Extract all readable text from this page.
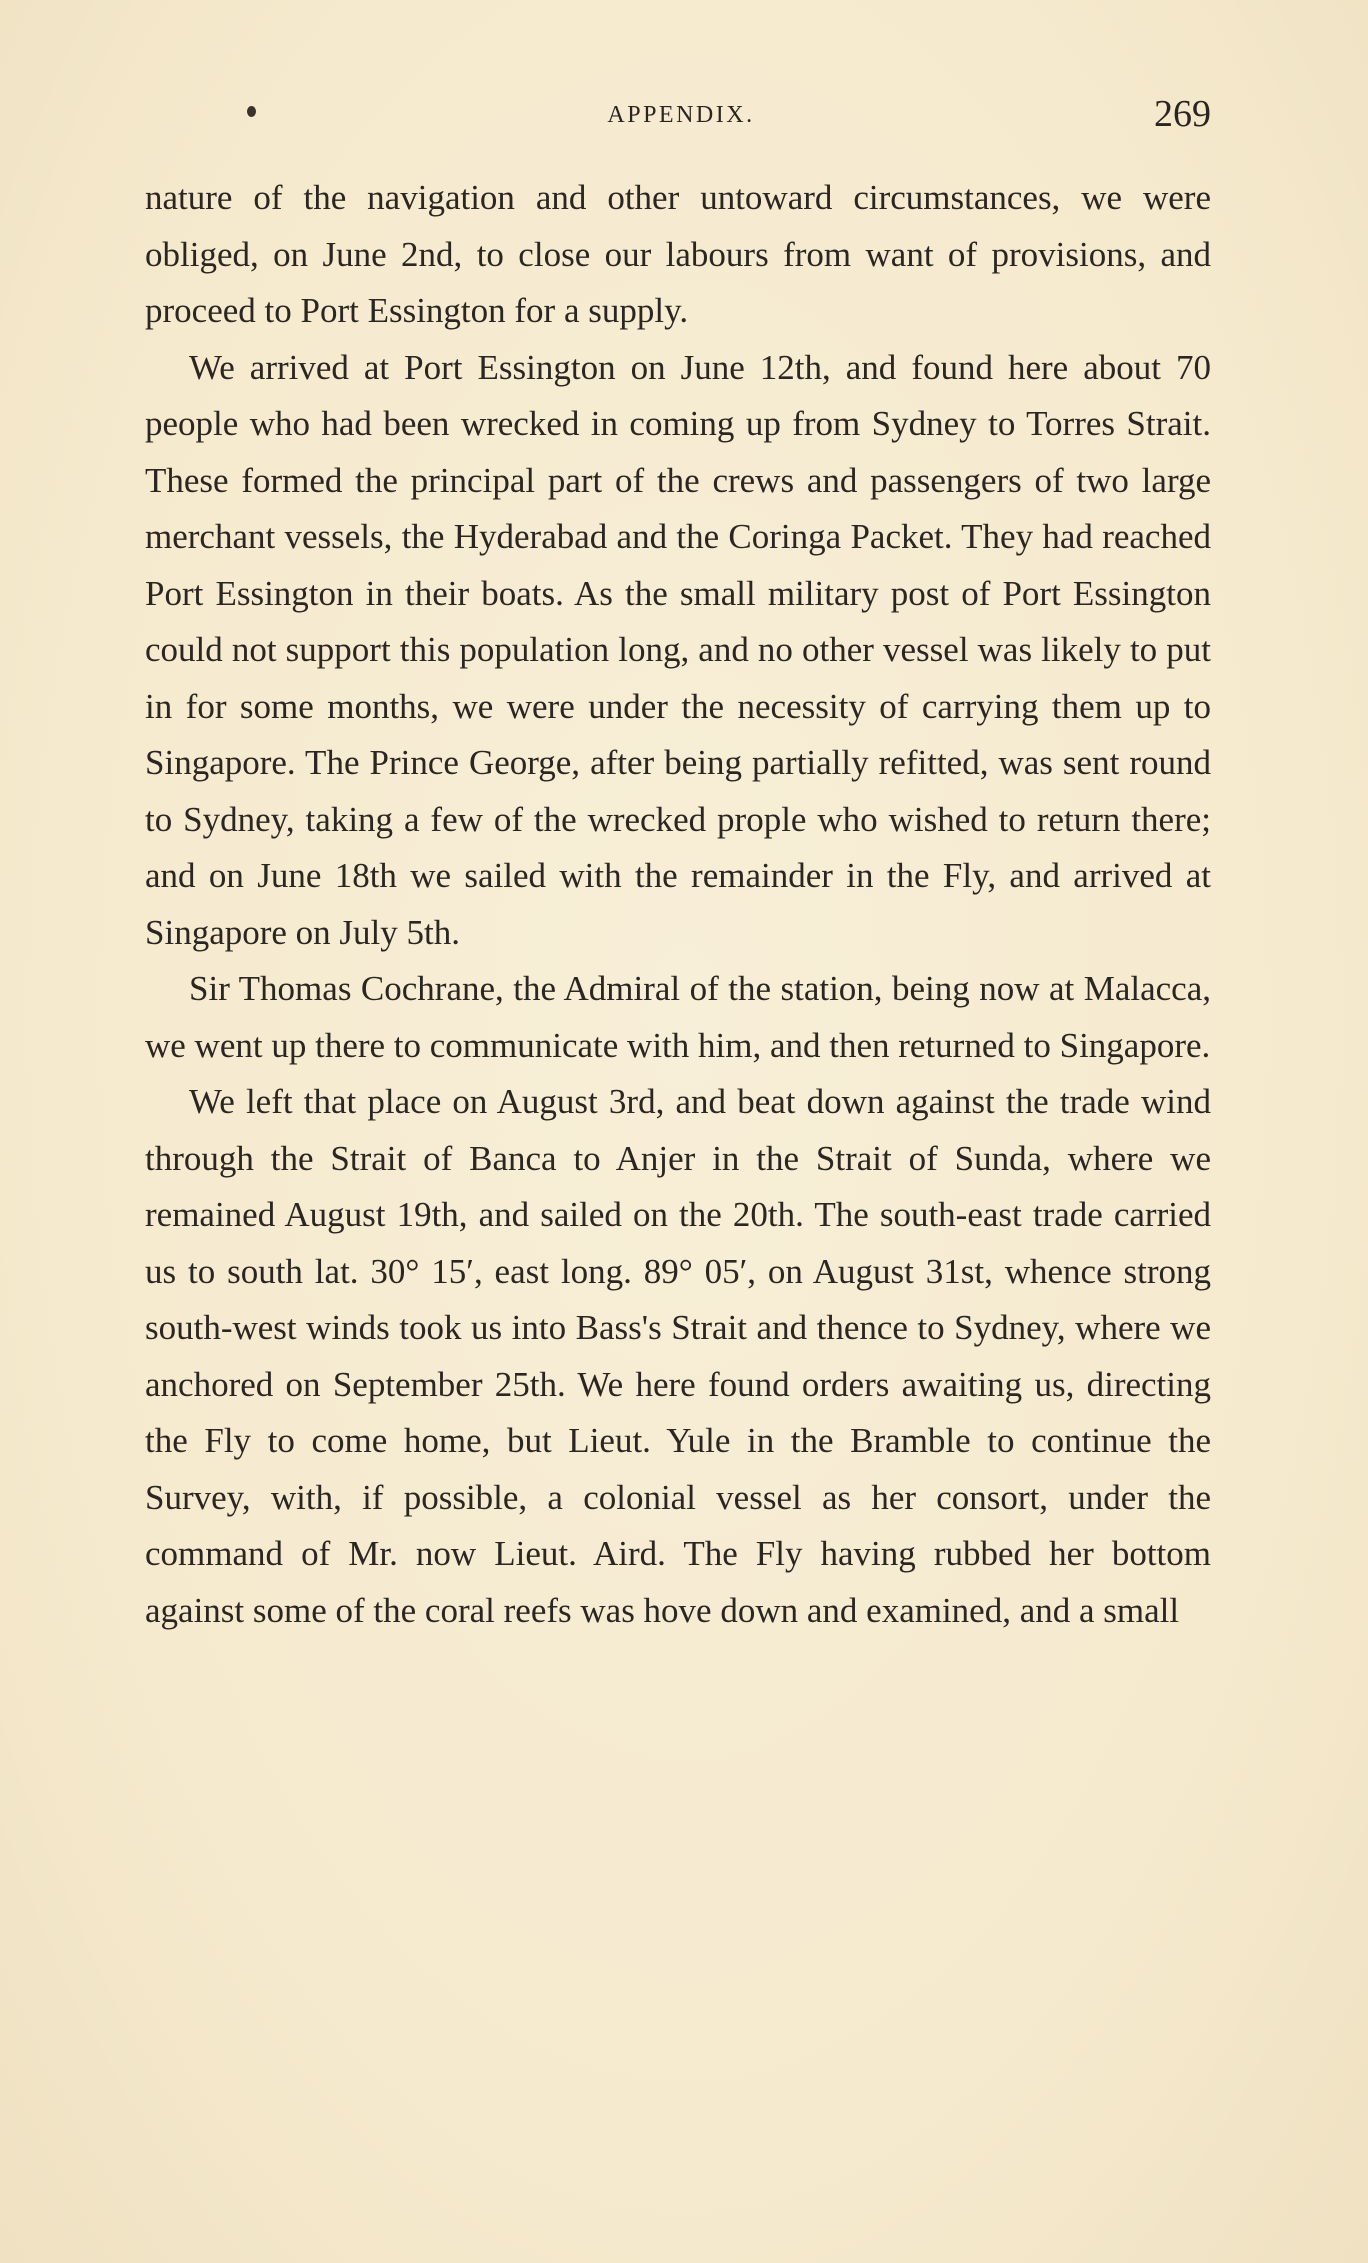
APPENDIX.	269

nature of the navigation and other untoward circumstances, we were obliged, on June 2nd, to close our labours from want of provisions, and proceed to Port Essington for a supply.

We arrived at Port Essington on June 12th, and found here about 70 people who had been wrecked in coming up from Sydney to Torres Strait. These formed the principal part of the crews and passengers of two large merchant vessels, the Hyderabad and the Coringa Packet. They had reached Port Essington in their boats. As the small military post of Port Essington could not support this population long, and no other vessel was likely to put in for some months, we were under the necessity of carrying them up to Singapore. The Prince George, after being partially refitted, was sent round to Sydney, taking a few of the wrecked prople who wished to return there; and on June 18th we sailed with the remainder in the Fly, and arrived at Singapore on July 5th.

Sir Thomas Cochrane, the Admiral of the station, being now at Malacca, we went up there to communicate with him, and then returned to Singapore.

We left that place on August 3rd, and beat down against the trade wind through the Strait of Banca to Anjer in the Strait of Sunda, where we remained August 19th, and sailed on the 20th. The south-east trade carried us to south lat. 30° 15′, east long. 89° 05′, on August 31st, whence strong south-west winds took us into Bass's Strait and thence to Sydney, where we anchored on September 25th. We here found orders awaiting us, directing the Fly to come home, but Lieut. Yule in the Bramble to continue the Survey, with, if possible, a colonial vessel as her consort, under the command of Mr. now Lieut. Aird. The Fly having rubbed her bottom against some of the coral reefs was hove down and examined, and a small
